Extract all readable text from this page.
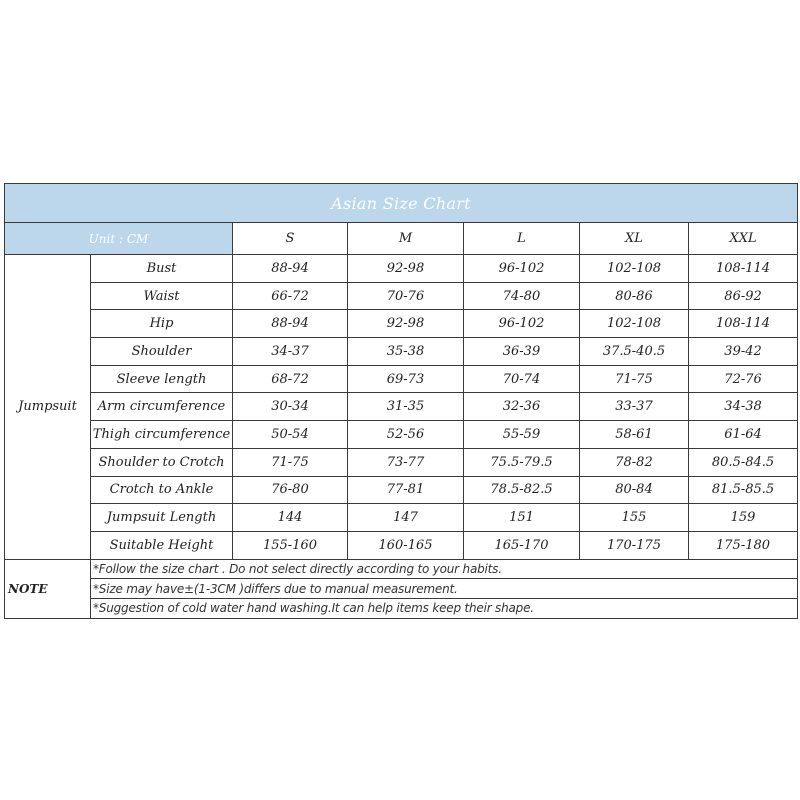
Asian Size Chart						
Unit : CM		S	M	L	XL	XXL
Jumpsuit	Bust	88-94	92-98	96-102	102-108	108-114
	Waist	66-72	70-76	74-80	80-86	86-92
	Hip	88-94	92-98	96-102	102-108	108-114
	Shoulder	34-37	35-38	36-39	37.5-40.5	39-42
	Sleeve length	68-72	69-73	70-74	71-75	72-76
	Arm circumference	30-34	31-35	32-36	33-37	34-38
	Thigh circumference	50-54	52-56	55-59	58-61	61-64
	Shoulder to Crotch	71-75	73-77	75.5-79.5	78-82	80.5-84.5
	Crotch to Ankle	76-80	77-81	78.5-82.5	80-84	81.5-85.5
	Jumpsuit Length	144	147	151	155	159
	Suitable Height	155-160	160-165	165-170	170-175	175-180
NOTE	*Follow the size chart . Do not select directly according to your habits.					
	*Size may have±(1-3CM )differs due to manual measurement.					
	*Suggestion of cold water hand washing.It can help items keep their shape.					
